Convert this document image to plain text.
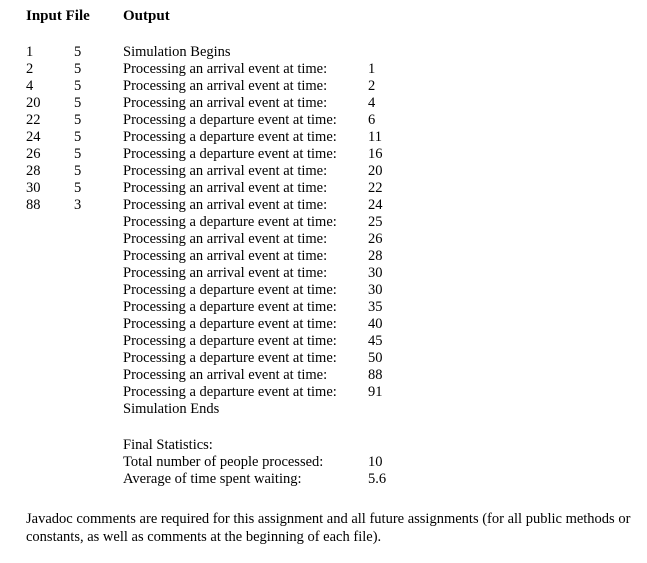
Input File Output
1	5
2	5
4	5
20 5
22 5
24 5
26 5
28 5
30 5
88 3
Simulation Begins
Processing an arrival event at time:	1
Processing an arrival event at time:	2
Processing an arrival event at time:	4
Processing a departure event at time: 6
Processing a departure event at time: 11
Processing a departure event at time: 16
Processing an arrival event at time:	20
Processing an arrival event at time:	22
Processing an arrival event at time:	24
Processing a departure event at time: 25
Processing an arrival event at time:	26
Processing an arrival event at time:	28
Processing an arrival event at time:	30
Processing a departure event at time: 30
Processing a departure event at time: 35
Processing a departure event at time: 40
Processing a departure event at time: 45
Processing a departure event at time: 50
Processing an arrival event at time:	88
Processing a departure event at time: 91
Simulation Ends
Final Statistics:
Total number of people processed:	10
Average of time spent waiting:	5.6
Javadoc comments are required for this assignment and all future assignments (for all public methods or constants, as well as comments at the beginning of each file).
